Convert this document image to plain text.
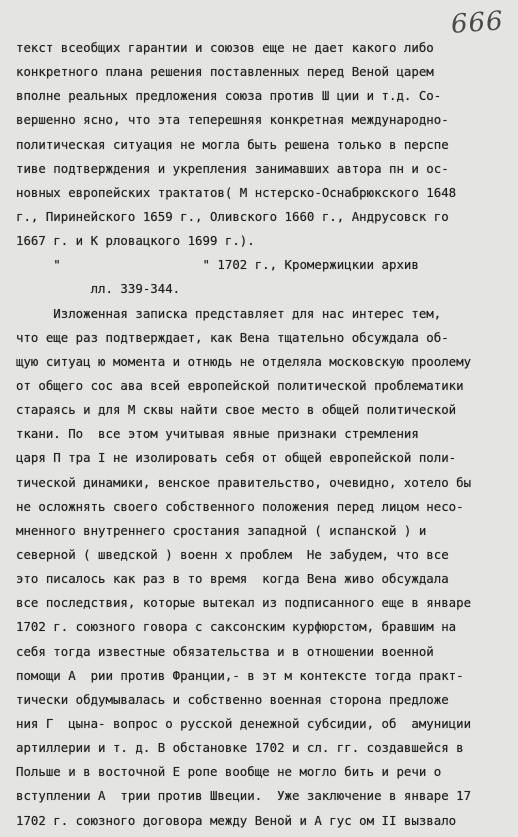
666
текст всеобщих гарантии и союзов еще не дает какого либо
конкретного плана решения поставленных перед Веной царем
вполне реальных предложения союза против Ш ции и т.д. Со-
вершенно ясно, что эта теперешняя конкретная международно-
политическая ситуация не могла быть решена только в перспе
тиве подтверждения и укрепления занимавших автора пн и ос-
новных европейских трактатов( М нстерско-Оснабрюкского 1648
г., Пиринейского 1659 г., Оливского 1660 г., Андрусовск го
1667 г. и К рловацкого 1699 г.).
"                   " 1702 г., Кромержицкии архив
лл. 339-344.
Изложенная записка представляет для нас интерес тем,
что еще раз подтверждает, как Вена тщательно обсуждала об-
щую ситуац ю момента и отнюдь не отделяла московскую проолему
от общего сос ава всей европейской политической проблематики
стараясь и для М сквы найти свое место в общей политической
ткани. По  все этом учитывая явные признаки стремления
царя П тра I не изолировать себя от общей европейской поли-
тической динамики, венское правительство, очевидно, хотело бы
не осложнять своего собственного положения перед лицом несо-
мненного внутреннего сростания западной ( испанской ) и
северной ( шведской ) военн х проблем  Не забудем, что все
это писалось как раз в то время  когда Вена живо обсуждала
все последствия, которые вытекал из подписанного еще в январе
1702 г. союзного говора с саксонским курфюрстом, бравшим на
себя тогда известные обязательства и в отношении военной
помощи А  рии против Франции,- в эт м контексте тогда практ-
тически обдумывалась и собственно военная сторона предложе
ния Г  цына- вопрос о русской денежной субсидии, об  амуниции
артиллерии и т. д. В обстановке 1702 и сл. гг. создавшейся в
Польше и в восточной Е ропе вообще не могло бить и речи о
вступлении А  трии против Швеции.  Уже заключение в январе 17
1702 г. союзного договора между Веной и А гус ом II вызвало
